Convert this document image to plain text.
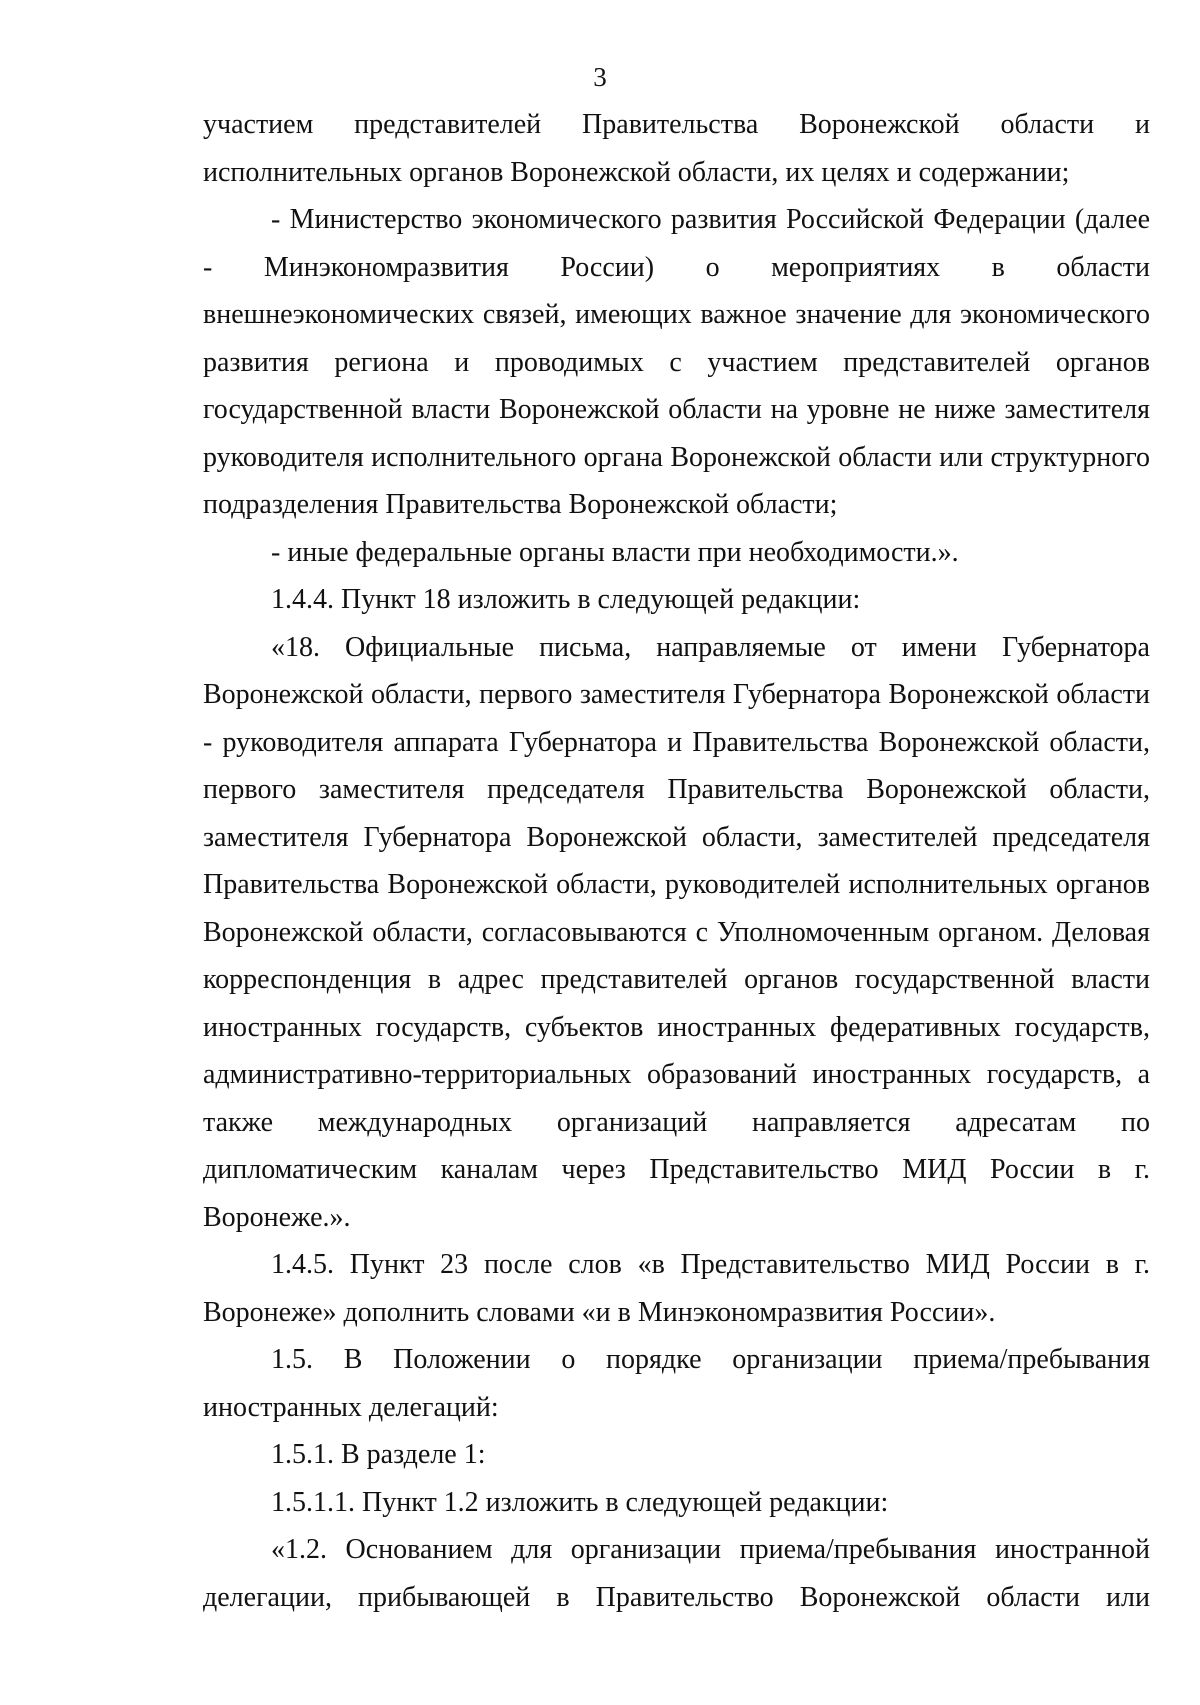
3

участием представителей Правительства Воронежской области и исполнительных органов Воронежской области, их целях и содержании;

- Министерство экономического развития Российской Федерации (далее - Минэкономразвития России) о мероприятиях в области внешнеэкономических связей, имеющих важное значение для экономического развития региона и проводимых с участием представителей органов государственной власти Воронежской области на уровне не ниже заместителя руководителя исполнительного органа Воронежской области или структурного подразделения Правительства Воронежской области;

- иные федеральные органы власти при необходимости.».

1.4.4. Пункт 18 изложить в следующей редакции:

«18. Официальные письма, направляемые от имени Губернатора Воронежской области, первого заместителя Губернатора Воронежской области - руководителя аппарата Губернатора и Правительства Воронежской области, первого заместителя председателя Правительства Воронежской области, заместителя Губернатора Воронежской области, заместителей председателя Правительства Воронежской области, руководителей исполнительных органов Воронежской области, согласовываются с Уполномоченным органом. Деловая корреспонденция в адрес представителей органов государственной власти иностранных государств, субъектов иностранных федеративных государств, административно-территориальных образований иностранных государств, а также международных организаций направляется адресатам по дипломатическим каналам через Представительство МИД России в г. Воронеже.».

1.4.5. Пункт 23 после слов «в Представительство МИД России в г. Воронеже» дополнить словами «и в Минэкономразвития России».

1.5. В Положении о порядке организации приема/пребывания иностранных делегаций:

1.5.1. В разделе 1:

1.5.1.1. Пункт 1.2 изложить в следующей редакции:

«1.2. Основанием для организации приема/пребывания иностранной делегации, прибывающей в Правительство Воронежской области или
